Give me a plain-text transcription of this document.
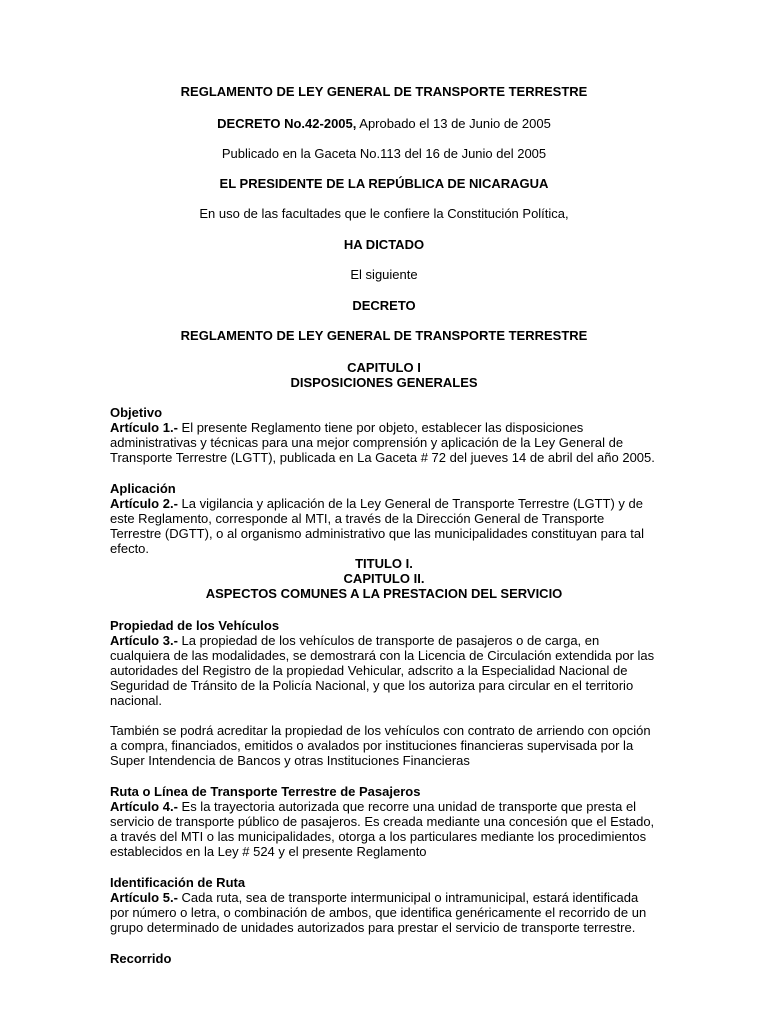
REGLAMENTO DE LEY GENERAL DE TRANSPORTE TERRESTRE
DECRETO No.42-2005, Aprobado el 13 de Junio de 2005
Publicado en la Gaceta No.113 del 16 de Junio del 2005
EL PRESIDENTE DE LA REPÚBLICA DE NICARAGUA
En uso de las facultades que le confiere la Constitución Política,
HA DICTADO
El siguiente
DECRETO
REGLAMENTO DE LEY GENERAL DE TRANSPORTE TERRESTRE
CAPITULO I
DISPOSICIONES GENERALES
Objetivo
Artículo 1.- El presente Reglamento tiene por objeto, establecer las disposiciones administrativas y técnicas para una mejor comprensión y aplicación de la Ley General de Transporte Terrestre (LGTT), publicada en La Gaceta # 72 del jueves 14 de abril del año 2005.
Aplicación
Artículo 2.- La vigilancia y aplicación de la Ley General de Transporte Terrestre (LGTT) y de este Reglamento, corresponde al MTI, a través de la Dirección General de Transporte Terrestre (DGTT), o al organismo administrativo que las municipalidades constituyan para tal efecto.
TITULO I.
CAPITULO II.
ASPECTOS COMUNES A LA PRESTACION DEL SERVICIO
Propiedad de los Vehículos
Artículo 3.- La propiedad de los vehículos de transporte de pasajeros o de carga, en cualquiera de las modalidades, se demostrará con la Licencia de Circulación extendida por las autoridades del Registro de la propiedad Vehicular, adscrito a la Especialidad Nacional de Seguridad de Tránsito de la Policía Nacional, y que los autoriza para circular en el territorio nacional.
También se podrá acreditar la propiedad de los vehículos con contrato de arriendo con opción a compra, financiados, emitidos o avalados por instituciones financieras supervisada por la Super Intendencia de Bancos y otras Instituciones Financieras
Ruta o Línea de Transporte Terrestre de Pasajeros
Artículo 4.- Es la trayectoria autorizada que recorre una unidad de transporte que presta el servicio de transporte público de pasajeros. Es creada mediante una concesión que el Estado, a través del MTI o las municipalidades, otorga a los particulares mediante los procedimientos establecidos en la Ley # 524 y el presente Reglamento
Identificación de Ruta
Artículo 5.- Cada ruta, sea de transporte intermunicipal o intramunicipal, estará identificada por número o letra, o combinación de ambos, que identifica genéricamente el recorrido de un grupo determinado de unidades autorizados para prestar el servicio de transporte terrestre.
Recorrido
